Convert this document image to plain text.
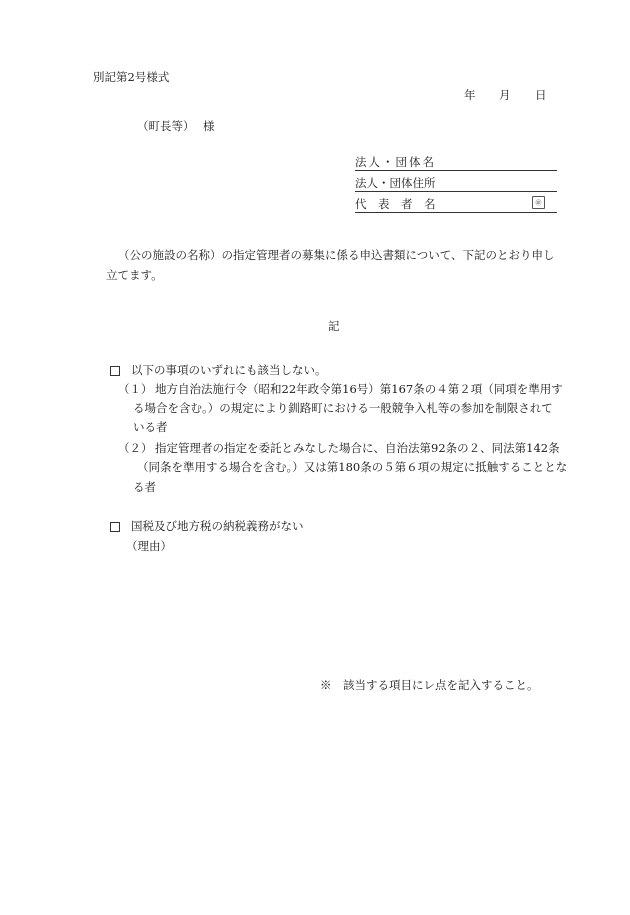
別記第2号様式
年 月 日
（町長等） 様
法人・団体名
法人・団体住所
代　表　者　名	㊞
（公の施設の名称）の指定管理者の募集に係る申込書類について、下記のとおり申し
立てます。
記
以下の事項のいずれにも該当しない。
（１） 地方自治法施行令（昭和22年政令第16号）第167条の４第２項（同項を準用す
る場合を含む。）の規定により釧路町における一般競争入札等の参加を制限されて
いる者
（２） 指定管理者の指定を委託とみなした場合に、自治法第92条の２、同法第142条
（同条を準用する場合を含む。）又は第180条の５第６項の規定に抵触することとな
る者
国税及び地方税の納税義務がない
（理由）
※　該当する項目にレ点を記入すること。
